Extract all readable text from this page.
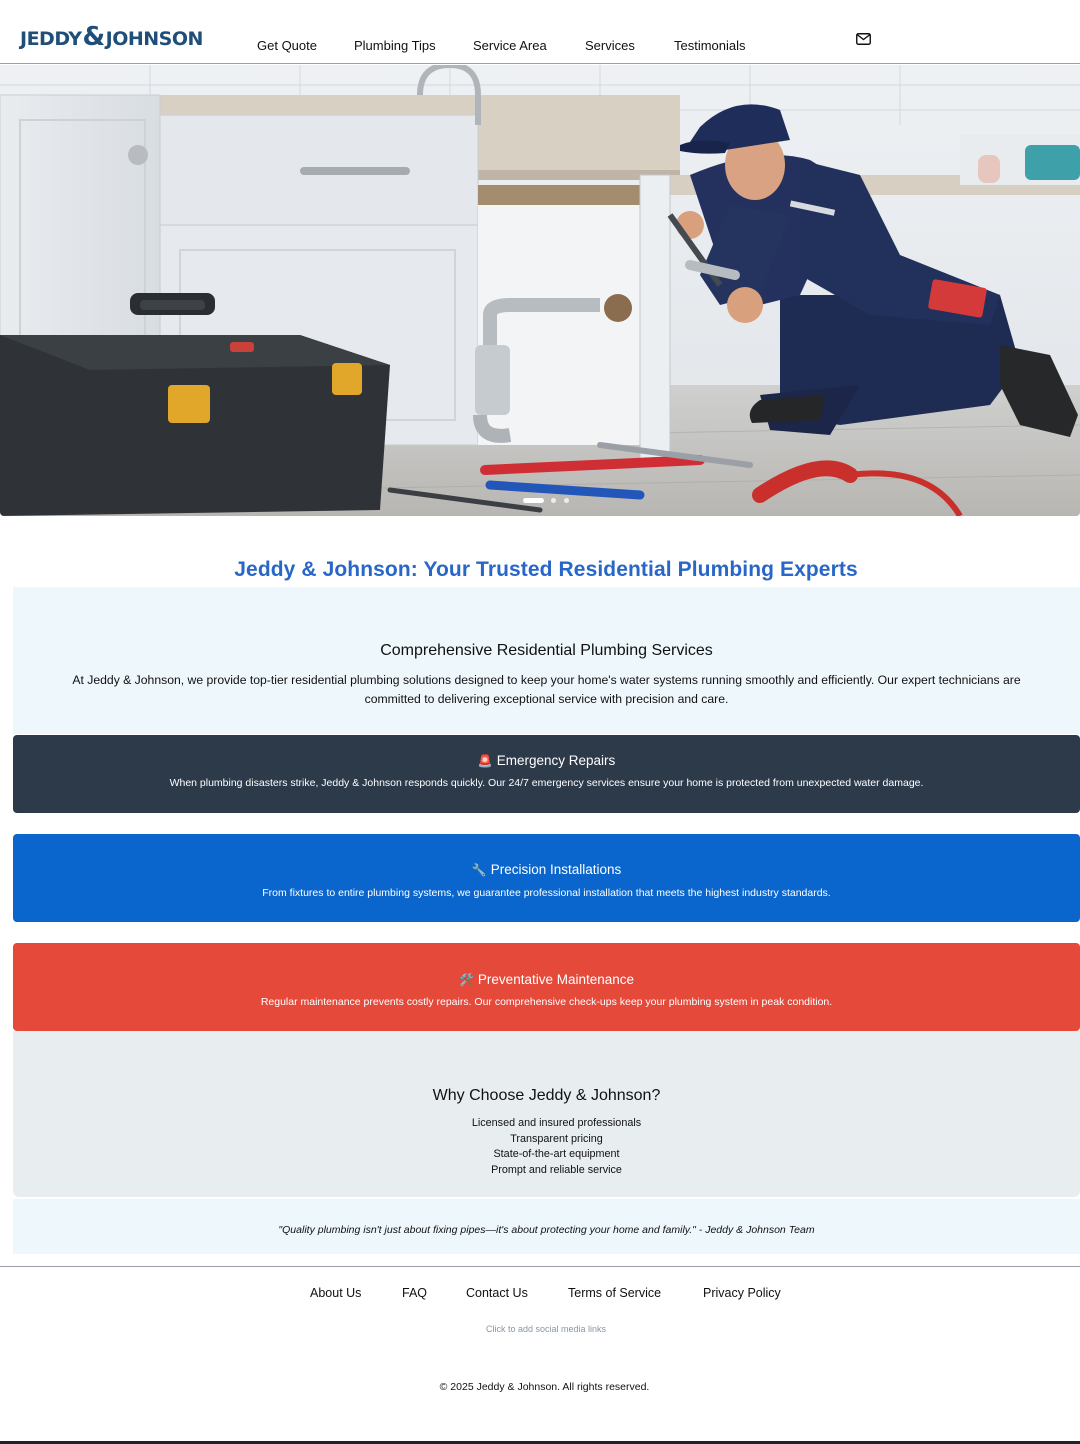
JEDDY & JOHNSON	Get Quote	Plumbing Tips	Service Area	Services	Testimonials
Jeddy & Johnson: Your Trusted Residential Plumbing Experts
Comprehensive Residential Plumbing Services

At Jeddy & Johnson, we provide top-tier residential plumbing solutions designed to keep your home's water systems running smoothly and efficiently. Our expert technicians are committed to delivering exceptional service with precision and care.

🚨 Emergency Repairs

When plumbing disasters strike, Jeddy & Johnson responds quickly. Our 24/7 emergency services ensure your home is protected from unexpected water damage.

🔧 Precision Installations

From fixtures to entire plumbing systems, we guarantee professional installation that meets the highest industry standards.

🛠️ Preventative Maintenance

Regular maintenance prevents costly repairs. Our comprehensive check-ups keep your plumbing system in peak condition.

Why Choose Jeddy & Johnson?
Licensed and insured professionals
Transparent pricing
State-of-the-art equipment
Prompt and reliable service

"Quality plumbing isn't just about fixing pipes—it's about protecting your home and family." - Jeddy & Johnson Team

About Us	FAQ	Contact Us	Terms of Service	Privacy Policy
Click to add social media links
© 2025 Jeddy & Johnson. All rights reserved.
